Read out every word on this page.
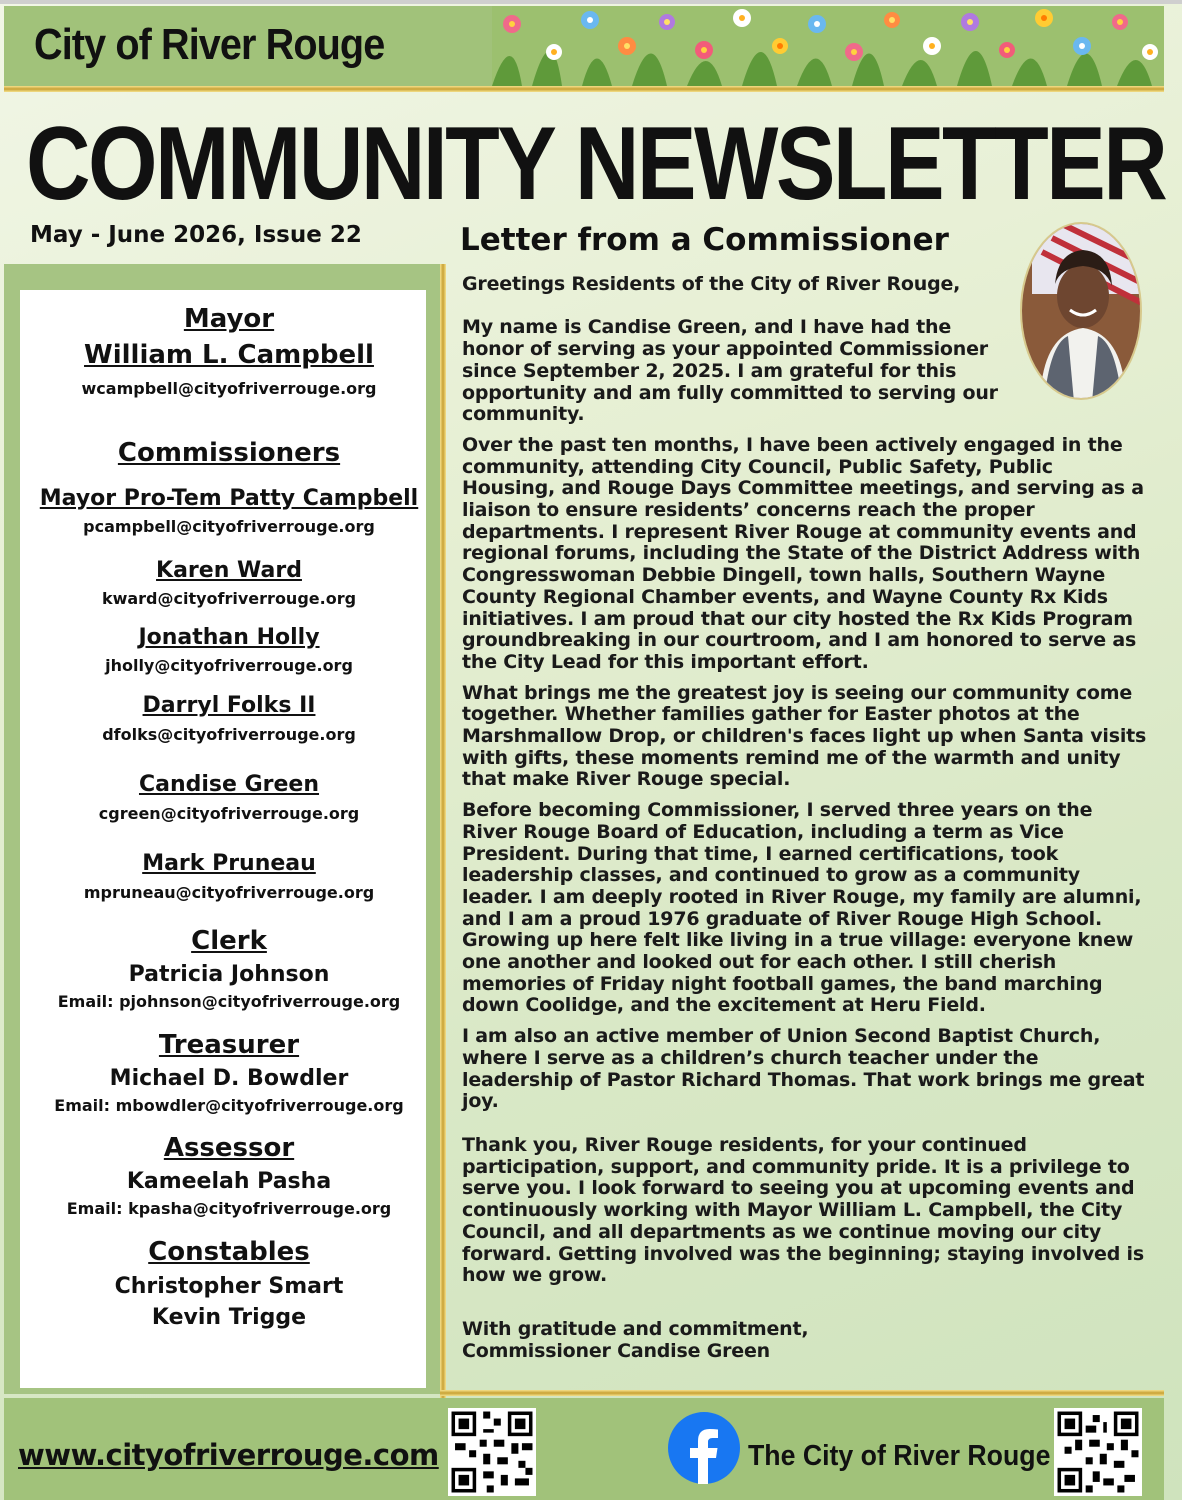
City of River Rouge
COMMUNITY NEWSLETTER
May - June 2026, Issue 22
Mayor
William L. Campbell
wcampbell@cityofriverrouge.org
Commissioners
Mayor Pro-Tem Patty Campbell
pcampbell@cityofriverrouge.org
Karen Ward
kward@cityofriverrouge.org
Jonathan Holly
jholly@cityofriverrouge.org
Darryl Folks II
dfolks@cityofriverrouge.org
Candise Green
cgreen@cityofriverrouge.org
Mark Pruneau
mpruneau@cityofriverrouge.org
Clerk
Patricia Johnson
Email: pjohnson@cityofriverrouge.org
Treasurer
Michael D. Bowdler
Email: mbowdler@cityofriverrouge.org
Assessor
Kameelah Pasha
Email: kpasha@cityofriverrouge.org
Constables
Christopher Smart
Kevin Trigge
Letter from a Commissioner

Greetings Residents of the City of River Rouge,

My name is Candise Green, and I have had the honor of serving as your appointed Commissioner since September 2, 2025. I am grateful for this opportunity and am fully committed to serving our community.

Over the past ten months, I have been actively engaged in the community, attending City Council, Public Safety, Public Housing, and Rouge Days Committee meetings, and serving as a liaison to ensure residents’ concerns reach the proper departments. I represent River Rouge at community events and regional forums, including the State of the District Address with Congresswoman Debbie Dingell, town halls, Southern Wayne County Regional Chamber events, and Wayne County Rx Kids initiatives. I am proud that our city hosted the Rx Kids Program groundbreaking in our courtroom, and I am honored to serve as the City Lead for this important effort.

What brings me the greatest joy is seeing our community come together. Whether families gather for Easter photos at the Marshmallow Drop, or children's faces light up when Santa visits with gifts, these moments remind me of the warmth and unity that make River Rouge special.

Before becoming Commissioner, I served three years on the River Rouge Board of Education, including a term as Vice President. During that time, I earned certifications, took leadership classes, and continued to grow as a community leader. I am deeply rooted in River Rouge, my family are alumni, and I am a proud 1976 graduate of River Rouge High School. Growing up here felt like living in a true village: everyone knew one another and looked out for each other. I still cherish memories of Friday night football games, the band marching down Coolidge, and the excitement at Heru Field.

I am also an active member of Union Second Baptist Church, where I serve as a children’s church teacher under the leadership of Pastor Richard Thomas. That work brings me great joy.

Thank you, River Rouge residents, for your continued participation, support, and community pride. It is a privilege to serve you. I look forward to seeing you at upcoming events and continuously working with Mayor William L. Campbell, the City Council, and all departments as we continue moving our city forward. Getting involved was the beginning; staying involved is how we grow.

With gratitude and commitment,

Commissioner Candise Green

www.cityofriverrouge.com	The City of River Rouge
